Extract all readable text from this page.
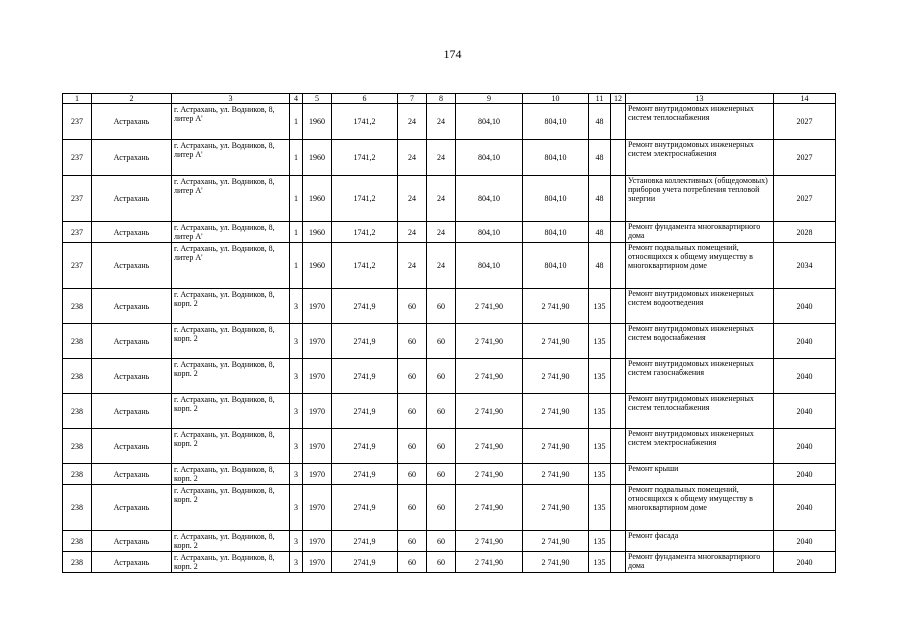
174
1	2	3	4	5	6	7	8	9	10	11	12	13	14
237	Астрахань	г. Астрахань, ул. Водников, 8, литер А'	1	1960	1741,2	24	24	804,10	804,10	48		Ремонт внутридомовых инженерных систем теплоснабжения	2027
237	Астрахань	г. Астрахань, ул. Водников, 8, литер А'	1	1960	1741,2	24	24	804,10	804,10	48		Ремонт внутридомовых инженерных систем электроснабжения	2027
237	Астрахань	г. Астрахань, ул. Водников, 8, литер А'	1	1960	1741,2	24	24	804,10	804,10	48		Установка коллективных (общедомовых) приборов учета потребления тепловой энергии	2027
237	Астрахань	г. Астрахань, ул. Водников, 8, литер А'	1	1960	1741,2	24	24	804,10	804,10	48		Ремонт фундамента многоквартирного дома	2028
237	Астрахань	г. Астрахань, ул. Водников, 8, литер А'	1	1960	1741,2	24	24	804,10	804,10	48		Ремонт подвальных помещений, относящихся к общему имуществу в многоквартирном доме	2034
238	Астрахань	г. Астрахань, ул. Водников, 8, корп. 2	3	1970	2741,9	60	60	2 741,90	2 741,90	135		Ремонт внутридомовых инженерных систем водоотведения	2040
238	Астрахань	г. Астрахань, ул. Водников, 8, корп. 2	3	1970	2741,9	60	60	2 741,90	2 741,90	135		Ремонт внутридомовых инженерных систем водоснабжения	2040
238	Астрахань	г. Астрахань, ул. Водников, 8, корп. 2	3	1970	2741,9	60	60	2 741,90	2 741,90	135		Ремонт внутридомовых инженерных систем газоснабжения	2040
238	Астрахань	г. Астрахань, ул. Водников, 8, корп. 2	3	1970	2741,9	60	60	2 741,90	2 741,90	135		Ремонт внутридомовых инженерных систем теплоснабжения	2040
238	Астрахань	г. Астрахань, ул. Водников, 8, корп. 2	3	1970	2741,9	60	60	2 741,90	2 741,90	135		Ремонт внутридомовых инженерных систем электроснабжения	2040
238	Астрахань	г. Астрахань, ул. Водников, 8, корп. 2	3	1970	2741,9	60	60	2 741,90	2 741,90	135		Ремонт крыши	2040
238	Астрахань	г. Астрахань, ул. Водников, 8, корп. 2	3	1970	2741,9	60	60	2 741,90	2 741,90	135		Ремонт подвальных помещений, относящихся к общему имуществу в многоквартирном доме	2040
238	Астрахань	г. Астрахань, ул. Водников, 8, корп. 2	3	1970	2741,9	60	60	2 741,90	2 741,90	135		Ремонт фасада	2040
238	Астрахань	г. Астрахань, ул. Водников, 8, корп. 2	3	1970	2741,9	60	60	2 741,90	2 741,90	135		Ремонт фундамента многоквартирного дома	2040
